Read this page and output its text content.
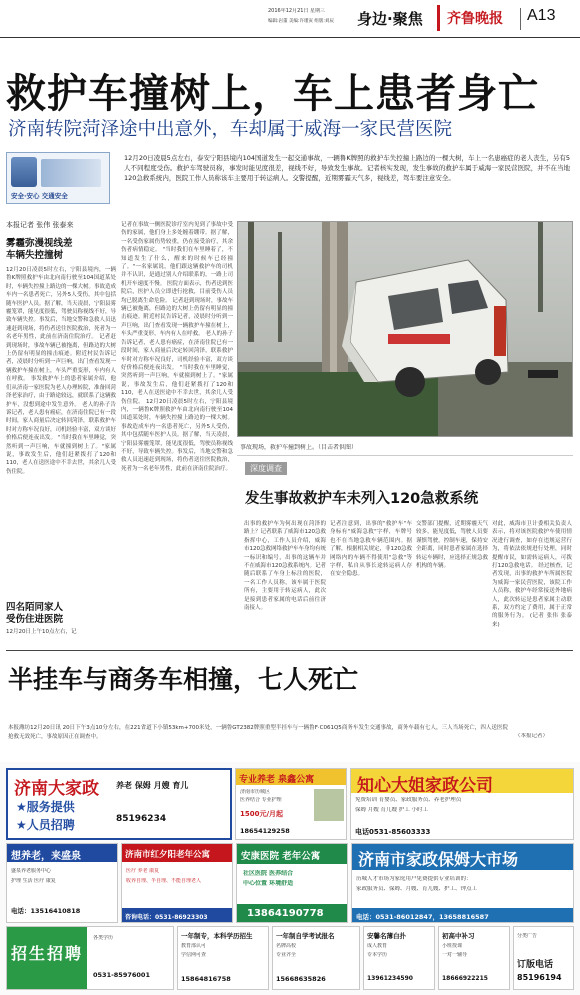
2016年12月21日 星期三
编辑:岩董 美编:许瑾寅 组版:刘辰	身边·聚焦 齐鲁晚报 A13
救护车撞树上，车上患者身亡
济南转院菏泽途中出意外，车却属于威海一家民营医院
安全·安心 交通安全
12月20日凌晨5点左右，泰安宁阳县境内104国道发生一起交通事故，一辆鲁K牌照的救护车失控撞上路边的一棵大树，车上一名患癌症的老人丧生，另有5人不同程度受伤。救护车驾驶员称，事发时能见度很差，视线不好，导致发生事故。记者核实发现，发生事故的救护车属于威海一家民营医院，并不在当地120急救系统内，医院工作人员称该车主要用于转运病人。交警提醒，近期雾霾天气多，视线差，驾车要注意安全。
本报记者 张伟 张泰来
雾霾弥漫视线差
车辆失控撞树
12月20日凌晨5时左右，宁阳县境内，一辆鲁K牌照救护车由北向南行驶至104国道某处时，车辆失控撞上路边的一棵大树。事故造成车内一名患者死亡，另外5人受伤，其中包括随车医护人员。据了解，当天凌晨，宁阳县雾霾笼罩，能见度很低，驾驶员称视线不好，导致车辆失控。事发后，当地交警和急救人员迅速赶到现场，将伤者送往医院救治，死者为一名老年男性，此前在济南住院治疗。 记者赶到现场时，事故车辆已被拖离，但路边的大树上仍留有明显的撞击痕迹。附近村民告诉记者，凌晨时分听到一声巨响，出门查看发现一辆救护车撞在树上，车头严重变形，车内有人在呼救。 事发救护车上的患者家属介绍，他们从济南一家医院为老人办理转院，准备回菏泽老家治疗，由于路途较远，就联系了这辆救护车，没想到途中发生意外。 老人的孙子告诉记者，老人患有癌症，在济南住院已有一段时间，家人商量后决定转回菏泽，联系救护车时对方称车况良好，司机经验丰富，双方谈好价格后便连夜出发。 "当时我在车里睡觉，突然听到一声巨响，车就撞到树上了。"家属说，事故发生后，他们赶紧拨打了120和110，老人在送医途中不幸去世，其余几人受伤住院。
四名陌同家人
受伤住进医院
12月20日上午10点左右，记
记者在事故一侧医院诊疗室内见到了事故中受伤的家属，他们身上多处缠着绷带。据了解，一名受伤家属伤势较重，仍在接受治疗，其余伤者病情稳定。 "当时我们在车里睡着了，不知道发生了什么，醒来的时候车已经撞了。"一名家属说，他们跟这辆救护车的司机并不认识，是通过别人介绍联系的，一路上司机开车速度不慢。 医院方面表示，伤者送到医院后，医护人员立即进行抢救，目前受伤人员均已脱离生命危险。 记者赶到现场时，事故车辆已被拖离，但路边的大树上仍留有明显的撞击痕迹。附近村民告诉记者，凌晨时分听到一声巨响，出门查看发现一辆救护车撞在树上，车头严重变形，车内有人在呼救。 老人的孙子告诉记者，老人患有癌症，在济南住院已有一段时间，家人商量后决定转回菏泽，联系救护车时对方称车况良好，司机经验丰富，双方谈好价格后便连夜出发。 "当时我在车里睡觉，突然听到一声巨响，车就撞到树上了。"家属说，事故发生后，他们赶紧拨打了120和110，老人在送医途中不幸去世，其余几人受伤住院。 12月20日凌晨5时左右，宁阳县境内，一辆鲁K牌照救护车由北向南行驶至104国道某处时，车辆失控撞上路边的一棵大树。事故造成车内一名患者死亡，另外5人受伤，其中包括随车医护人员。据了解，当天凌晨，宁阳县雾霾笼罩，能见度很低，驾驶员称视线不好，导致车辆失控。事发后，当地交警和急救人员迅速赶到现场，将伤者送往医院救治，死者为一名老年男性，此前在济南住院治疗。
事故现场，救护车撞到树上。（目击者供图）
深度调查
发生事故救护车未列入120急救系统
出事的救护车为何出现在菏泽的路上？记者联系了威海市120急救指挥中心，工作人员介绍，威海市120急救网络救护车车身均有统一标识和编号，出事的这辆车并不在威海市120急救系统内。记者随后联系了车身上标注的医院，一名工作人员称，该车属于医院所有，主要用于转运病人，此次是接到患者家属的电话后前往济南接人。
记者注意到，出事的"救护车"车身标有"威海急救"字样，车牌号也不在当地急救车辆范围内。据了解，根据相关规定，非120急救网络内的车辆不得使用"急救"等字样，私自从事长途转运病人存在安全隐患。
交警部门提醒，近期雾霾天气较多，能见度低，驾驶人员要谨慎驾驶，控制车速，保持安全距离，同时患者家属在选择转运车辆时，应选择正规急救机构的车辆。
对此，威海市卫计委相关负责人表示，将对该医院救护车使用情况进行调查，如存在违规运营行为，将依法依规进行处理，同时提醒市民，如需转运病人，可拨打120急救电话。 经过核查，记者发现，出事的救护车所属医院为威海一家民营医院，该院工作人员称，救护车经常接送外地病人，此次转运是患者家属主动联系，双方约定了费用，属于正常的服务行为。 (记者 张伟 张泰来)
半挂车与商务车相撞，七人死亡
本报潍坊12月20日讯 20日下午3点10分左右，在221省道下小镇53km+700米处，一辆鲁GT2382牌照重型半挂车与一辆鲁F·C061Q5商务车发生交通事故，商务车载有七人，三人当场死亡，四人送医院抢救无效死亡，事故原因正在调查中。	（本报记者）
济南大家政
★服务提供
★人员招聘
养老 保姆 月嫂 育儿
85196234
专业养老 泉鑫公寓
济南市历城区
医养结合 专业护理
1500元/月起
18654129258
知心大姐家政公司
免费培训 育婴员、家政服务员、养老护理员
保姆 月嫂 育儿嫂 护工 小时工
电话0531-85603333
想养老，来盛泉
盛泉养老服务中心
护理 生活 医疗 康复
电话：13516410818
济南市红夕阳老年公寓
医疗 养老 康复
收养自理、半自理、不能自理老人
咨询电话：0531-86923303
安康医院 老年公寓
社区医院 医养结合
中心位置 环境舒适
13864190778
济南市家政保姆大市场
历城人才市场为家庭用户免费提供专业培训的：
家政服务员、保姆、月嫂、育儿嫂、护工、钟点工
电话：0531-86012847，13658816587
招生招聘
各类学历
0531-85976001
一年制专，本科学历招生
教育部认可
学信网可查
15864816758
一年制自学考试报名
名牌高校
专业齐全
15668635826
安馨名薄白扑
成人教育
专本学历
13961234590
初高中补习
小班授课
一对一辅导
18666922215
分类广告
订版电话
85196194
